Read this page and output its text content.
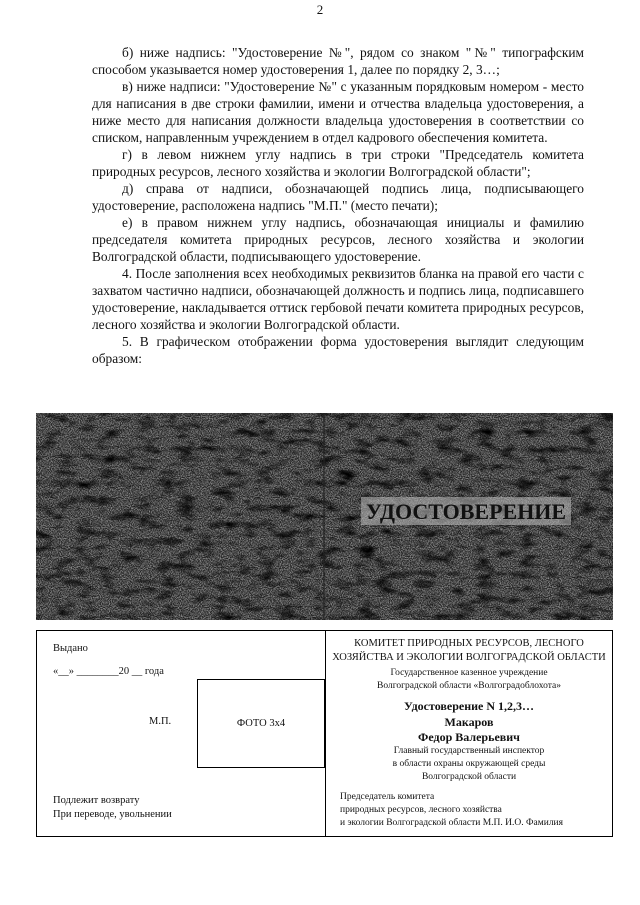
2

б) ниже надпись: "Удостоверение №", рядом со знаком "№" типографским способом указывается номер удостоверения 1, далее по порядку 2, 3…;

в) ниже надписи: "Удостоверение №" с указанным порядковым номером - место для написания в две строки фамилии, имени и отчества владельца удостоверения, а ниже место для написания должности владельца удостоверения в соответствии со списком, направленным учреждением в отдел кадрового обеспечения комитета.

г) в левом нижнем углу надпись в три строки "Председатель комитета природных ресурсов, лесного хозяйства и экологии Волгоградской области";

д) справа от надписи, обозначающей подпись лица, подписывающего удостоверение, расположена надпись "М.П." (место печати);

е) в правом нижнем углу надпись, обозначающая инициалы и фамилию председателя комитета природных ресурсов, лесного хозяйства и экологии Волгоградской области, подписывающего удостоверение.

4. После заполнения всех необходимых реквизитов бланка на правой его части с захватом частично надписи, обозначающей должность и подпись лица, подписавшего удостоверение, накладывается оттиск гербовой печати комитета природных ресурсов, лесного хозяйства и экологии Волгоградской области.

5. В графическом отображении форма удостоверения выглядит следующим образом:

УДОСТОВЕРЕНИЕ
Выдано
«__» ________20 __ года
М.П.	ФОТО 3х4
Подлежит возврату
При переводе, увольнении
КОМИТЕТ ПРИРОДНЫХ РЕСУРСОВ, ЛЕСНОГО
ХОЗЯЙСТВА И ЭКОЛОГИИ ВОЛГОГРАДСКОЙ ОБЛАСТИ
Государственное казенное учреждение
Волгоградской области «Волгоградоблохота»
Удостоверение N 1,2,3…
Макаров
Федор Валерьевич
Главный государственный инспектор
в области охраны окружающей среды
Волгоградской области
Председатель комитета
природных ресурсов, лесного хозяйства
и экологии Волгоградской области М.П. И.О. Фамилия
